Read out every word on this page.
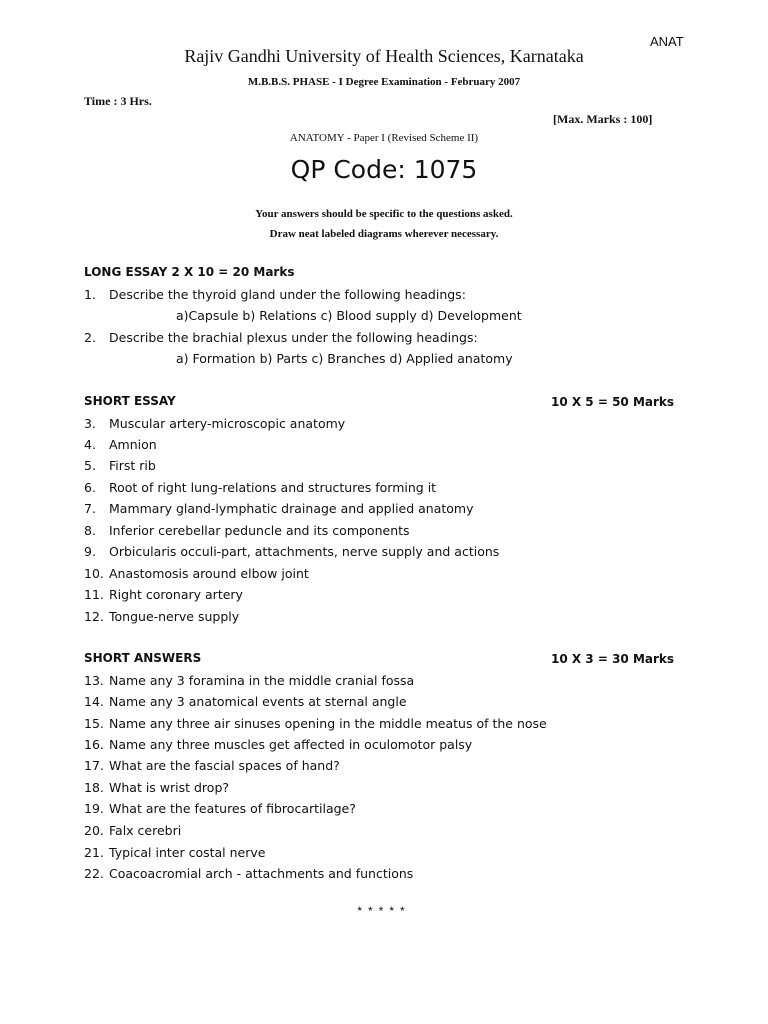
ANAT
Rajiv Gandhi University of Health Sciences, Karnataka
M.B.B.S. PHASE - I Degree Examination - February 2007
Time : 3 Hrs.
[Max. Marks : 100]
ANATOMY - Paper I (Revised Scheme II)
QP Code: 1075
Your answers should be specific to the questions asked.
Draw neat labeled diagrams wherever necessary.
LONG ESSAY 2 X 10 = 20 Marks
1. Describe the thyroid gland under the following headings:
a)Capsule b) Relations c) Blood supply d) Development
2. Describe the brachial plexus under the following headings:
a) Formation b) Parts c) Branches d) Applied anatomy
SHORT ESSAY	10 X 5 = 50 Marks
3. Muscular artery-microscopic anatomy
4. Amnion
5. First rib
6. Root of right lung-relations and structures forming it
7. Mammary gland-lymphatic drainage and applied anatomy
8. Inferior cerebellar peduncle and its components
9. Orbicularis occuli-part, attachments, nerve supply and actions
10. Anastomosis around elbow joint
11. Right coronary artery
12. Tongue-nerve supply
SHORT ANSWERS	10 X 3 = 30 Marks
13. Name any 3 foramina in the middle cranial fossa
14. Name any 3 anatomical events at sternal angle
15. Name any three air sinuses opening in the middle meatus of the nose
16. Name any three muscles get affected in oculomotor palsy
17. What are the fascial spaces of hand?
18. What is wrist drop?
19. What are the features of fibrocartilage?
20. Falx cerebri
21. Typical inter costal nerve
22. Coacoacromial arch - attachments and functions
*****
